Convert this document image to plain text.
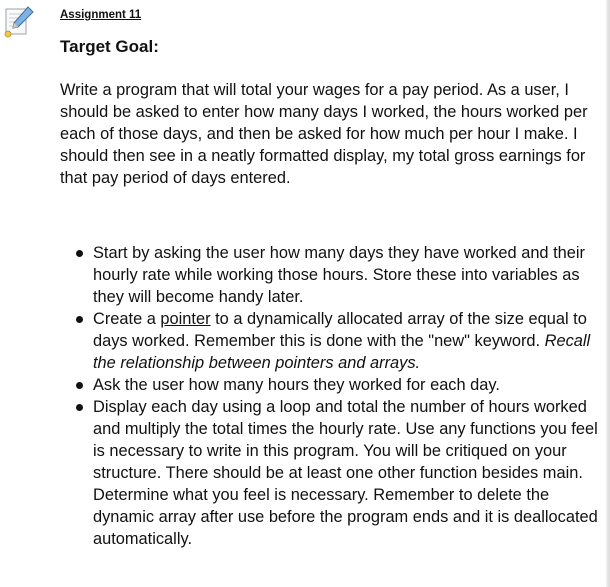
Assignment 11
Target Goal:

Write a program that will total your wages for a pay period. As a user, I should be asked to enter how many days I worked, the hours worked per each of those days, and then be asked for how much per hour I make. I should then see in a neatly formatted display, my total gross earnings for that pay period of days entered.

Start by asking the user how many days they have worked and their hourly rate while working those hours. Store these into variables as they will become handy later.
Create a pointer to a dynamically allocated array of the size equal to days worked. Remember this is done with the "new" keyword. Recall the relationship between pointers and arrays.
Ask the user how many hours they worked for each day.
Display each day using a loop and total the number of hours worked and multiply the total times the hourly rate. Use any functions you feel is necessary to write in this program. You will be critiqued on your structure. There should be at least one other function besides main. Determine what you feel is necessary. Remember to delete the dynamic array after use before the program ends and it is deallocated automatically.
